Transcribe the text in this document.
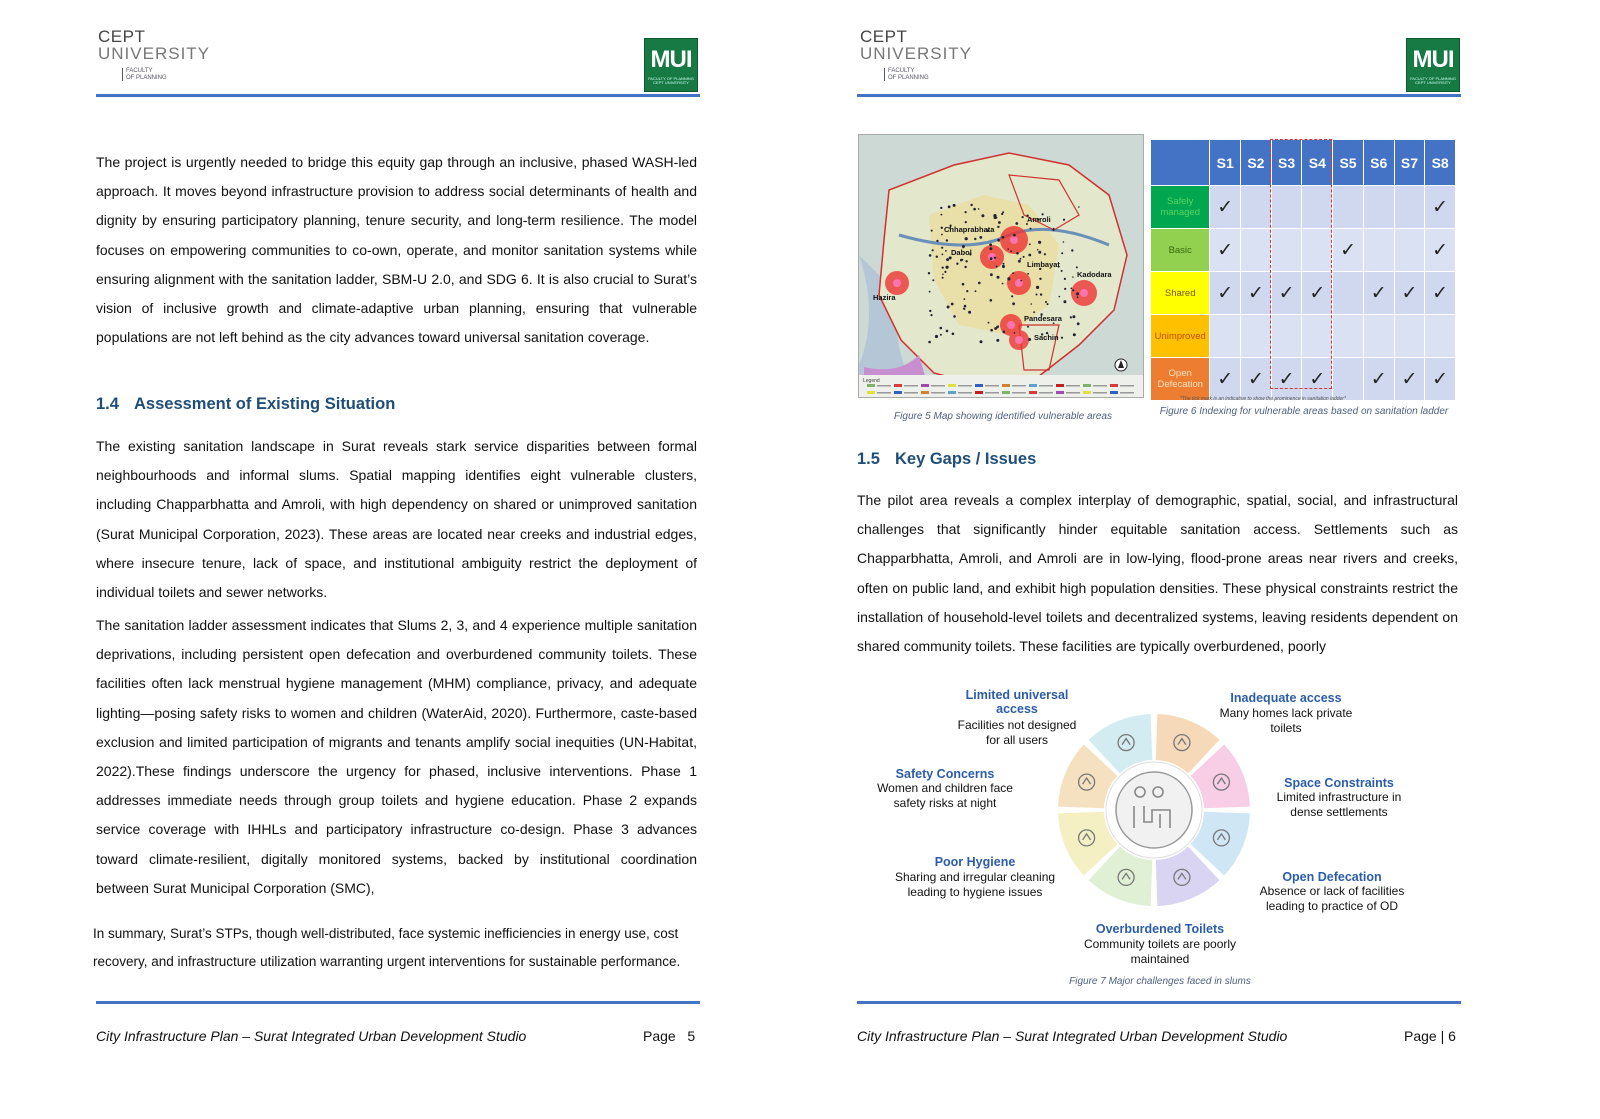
CEPT
UNIVERSITY
FACULTY
OF PLANNING
MUI
FACULTY OF PLANNING CEPT UNIVERSITY

The project is urgently needed to bridge this equity gap through an inclusive, phased WASH-led approach. It moves beyond infrastructure provision to address social determinants of health and dignity by ensuring participatory planning, tenure security, and long-term resilience. The model focuses on empowering communities to co-own, operate, and monitor sanitation systems while ensuring alignment with the sanitation ladder, SBM-U 2.0, and SDG 6. It is also crucial to Surat’s vision of inclusive growth and climate-adaptive urban planning, ensuring that vulnerable populations are not left behind as the city advances toward universal sanitation coverage.

1.4 Assessment of Existing Situation

The existing sanitation landscape in Surat reveals stark service disparities between formal neighbourhoods and informal slums. Spatial mapping identifies eight vulnerable clusters, including Chapparbhatta and Amroli, with high dependency on shared or unimproved sanitation (Surat Municipal Corporation, 2023). These areas are located near creeks and industrial edges, where insecure tenure, lack of space, and institutional ambiguity restrict the deployment of individual toilets and sewer networks.

The sanitation ladder assessment indicates that Slums 2, 3, and 4 experience multiple sanitation deprivations, including persistent open defecation and overburdened community toilets. These facilities often lack menstrual hygiene management (MHM) compliance, privacy, and adequate lighting—posing safety risks to women and children (WaterAid, 2020). Furthermore, caste-based exclusion and limited participation of migrants and tenants amplify social inequities (UN-Habitat, 2022).These findings underscore the urgency for phased, inclusive interventions. Phase 1 addresses immediate needs through group toilets and hygiene education. Phase 2 expands service coverage with IHHLs and participatory infrastructure co-design. Phase 3 advances toward climate-resilient, digitally monitored systems, backed by institutional coordination between Surat Municipal Corporation (SMC),

In summary, Surat’s STPs, though well-distributed, face systemic inefficiencies in energy use, cost recovery, and infrastructure utilization warranting urgent interventions for sustainable performance.

City Infrastructure Plan – Surat Integrated Urban Development Studio	Page 5
CEPT
UNIVERSITY
FACULTY
OF PLANNING
MUI
FACULTY OF PLANNING CEPT UNIVERSITY
1.5 Key Gaps / Issues

The pilot area reveals a complex interplay of demographic, spatial, social, and infrastructural challenges that significantly hinder equitable sanitation access. Settlements such as Chapparbhatta, Amroli, and Amroli are in low-lying, flood-prone areas near rivers and creeks, often on public land, and exhibit high population densities. These physical constraints restrict the installation of household-level toilets and decentralized systems, leaving residents dependent on shared community toilets. These facilities are typically overburdened, poorly

City Infrastructure Plan – Surat Integrated Urban Development Studio	Page | 6
Chhaprabhata
Amroli
Dabol
Limbayat
Kadodara
Hazira
Pandesara
Sachin
Legend
Figure 5 Map showing identified vulnerable areas
	S1	S2	S3	S4	S5	S6	S7	S8
Safely managed	✓							✓
Basic	✓				✓			✓
Shared	✓	✓	✓	✓		✓	✓	✓
Unimproved								
Open Defecation	✓	✓	✓	✓		✓	✓	✓
*The tick mark is an indicative to show the prominence in sanitation ladder*
Figure 6 Indexing for vulnerable areas based on sanitation ladder
Limited universal access
Facilities not designed for all users
Inadequate access
Many homes lack private toilets
Safety Concerns
Women and children face safety risks at night
Space Constraints
Limited infrastructure in dense settlements
Poor Hygiene
Sharing and irregular cleaning leading to hygiene issues
Open Defecation
Absence or lack of facilities leading to practice of OD
Overburdened Toilets
Community toilets are poorly maintained
Figure 7 Major challenges faced in slums
